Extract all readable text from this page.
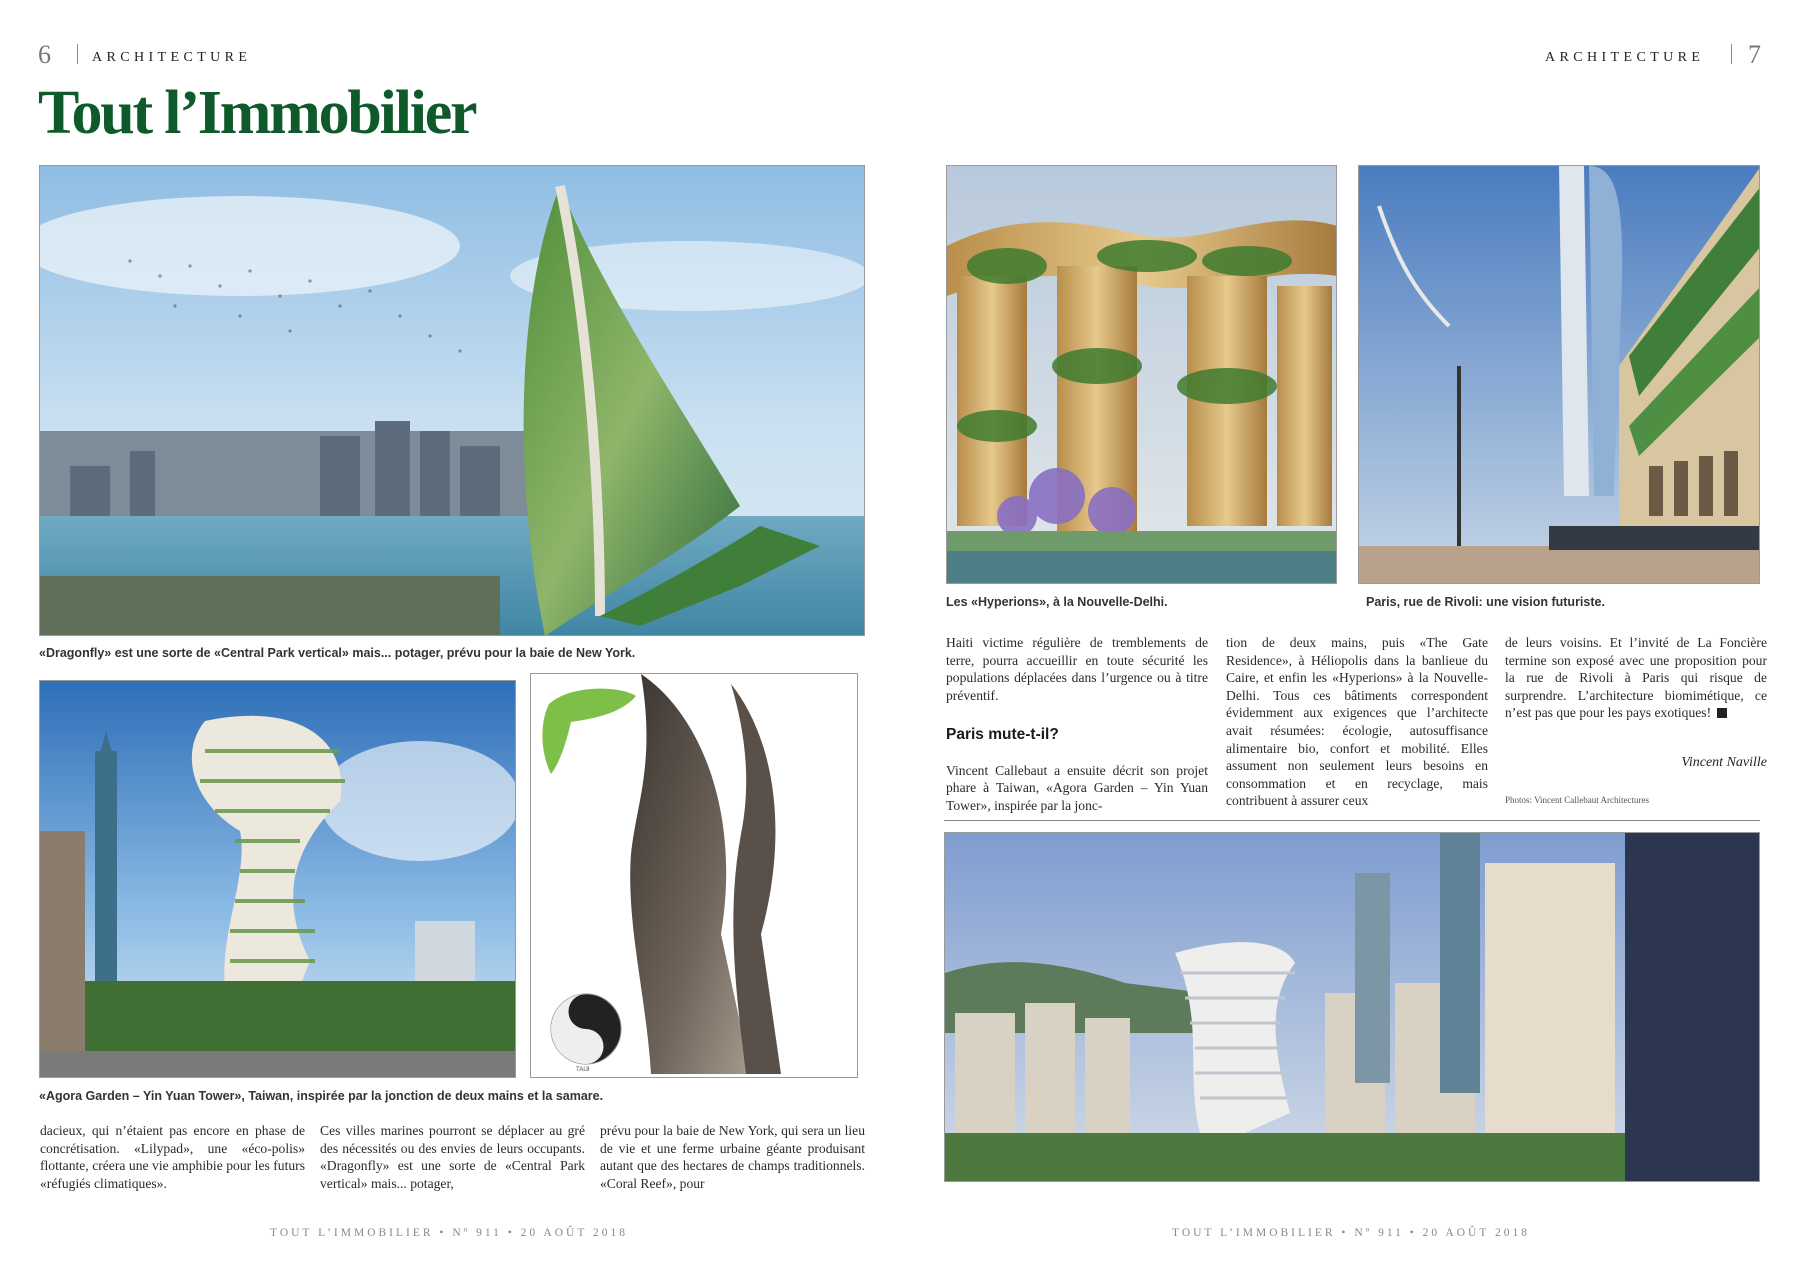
6	ARCHITECTURE
Tout l’Immobilier
«Dragonfly» est une sorte de «Central Park vertical» mais... potager, prévu pour la baie de New York.
TAIJI
«Agora Garden – Yin Yuan Tower», Taiwan, inspirée par la jonction de deux mains et la samare.

dacieux, qui n’étaient pas encore en phase de concrétisation. «Lilypad», une «éco-polis» flottante, créera une vie amphibie pour les futurs «réfugiés climatiques».

Ces villes marines pourront se déplacer au gré des nécessités ou des envies de leurs occupants. «Dragonfly» est une sorte de «Central Park vertical» mais... potager,

prévu pour la baie de New York, qui sera un lieu de vie et une ferme urbaine géante produisant autant que des hectares de champs traditionnels. «Coral Reef», pour

TOUT L’IMMOBILIER • Nº 911 • 20 AOÛT 2018
ARCHITECTURE 7
Les «Hyperions», à la Nouvelle-Delhi.	Paris, rue de Rivoli: une vision futuriste.

Haiti victime régulière de tremblements de terre, pourra accueillir en toute sécurité les populations déplacées dans l’urgence ou à titre préventif.

Paris mute-t-il?

Vincent Callebaut a ensuite décrit son projet phare à Taiwan, «Agora Garden – Yin Yuan Tower», inspirée par la jonc-

tion de deux mains, puis «The Gate Residence», à Héliopolis dans la banlieue du Caire, et enfin les «Hyperions» à la Nouvelle-Delhi. Tous ces bâtiments correspondent évidemment aux exigences que l’architecte avait résumées: écologie, autosuffisance alimentaire bio, confort et mobilité. Elles assument non seulement leurs besoins en consommation et en recyclage, mais contribuent à assurer ceux

de leurs voisins. Et l’invité de La Foncière termine son exposé avec une proposition pour la rue de Rivoli à Paris qui risque de surprendre. L’architecture biomimétique, ce n’est pas que pour les pays exotiques!

Vincent Naville
Photos: Vincent Callebaut Architectures
TOUT L’IMMOBILIER • Nº 911 • 20 AOÛT 2018
